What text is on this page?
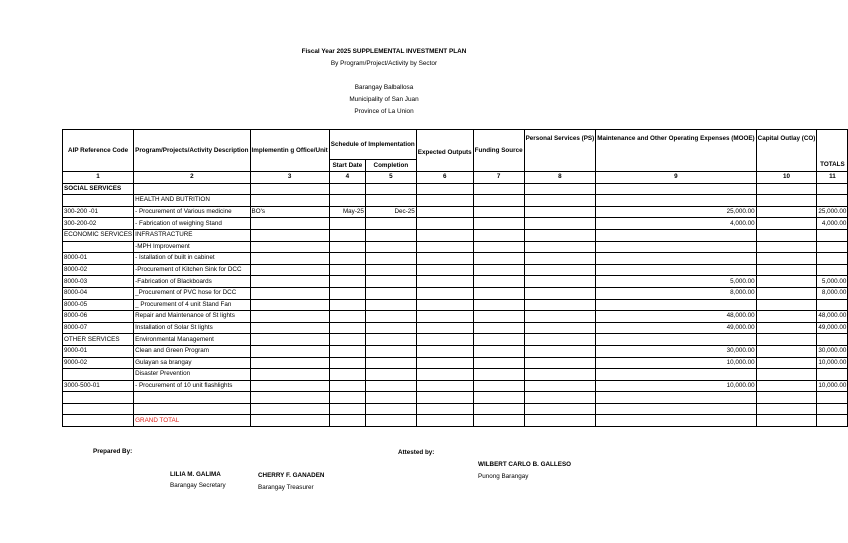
Fiscal Year 2025 SUPPLEMENTAL INVESTMENT PLAN
By Program/Project/Activity by Sector
Barangay Balballosa
Municipality of San Juan
Province of La Union
AIP Reference Code	Program/Projects/Activity Description	Implementin g Office/Unit	Schedule of Implementation		Expected Outputs	Funding Source	Personal Services (PS)	Maintenance and Other Operating Expenses (MOOE)	Capital Outlay (CO)	TOTALS
			Start Date	Completion						
1	2	3	4	5	6	7	8	9	10	11
SOCIAL SERVICES										
	HEALTH AND BUTRITION									
300-200 -01	- Procurement of Various medicine	BO's	May-25	Dec-25				25,000.00		25,000.00
300-200-02	- Fabrication of weighing Stand							4,000.00		4,000.00
ECONOMIC SERVICES	INFRASTRACTURE									
	-MPH Improvement									
8000-01	- Istallation of built in cabinet									
8000-02	-Procurement of Kitchen Sink for DCC									
8000-03	-Fabrication of Blackboards							5,000.00		5,000.00
8000-04	_Procurement of PVC hose for DCC							8,000.00		8,000.00
8000-05	_ Procurement of 4 unit Stand Fan									
8000-06	Repair and Maintenance of St lights							48,000.00		48,000.00
8000-07	Installation of Solar St lights							49,000.00		49,000.00
OTHER SERVICES	Environmental Management									
9000-01	Clean and Green Program							30,000.00		30,000.00
9000-02	Gulayan sa brangay							10,000.00		10,000.00
	Disaster Prevention									
3000-500-01	- Procurement of 10 unit flashlights							10,000.00		10,000.00

	GRAND TOTAL									
Prepared By:	Attested by:
WILBERT CARLO B. GALLESO
Punong Barangay
LILIA M. GALIMA
Barangay Secretary
CHERRY F. GANADEN
Barangay Treasurer
